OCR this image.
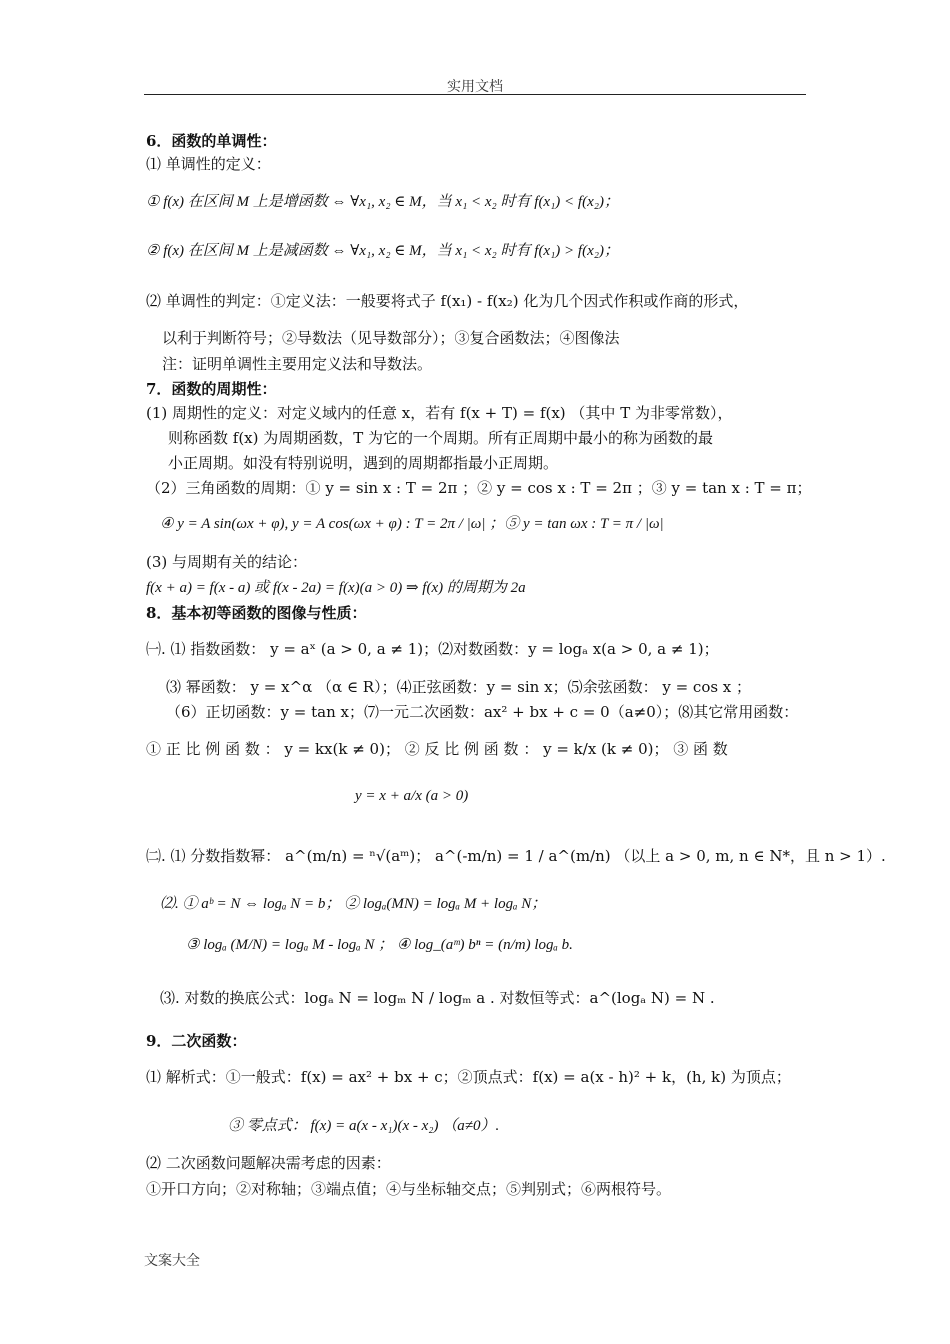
实用文档
6．函数的单调性：
⑴ 单调性的定义：
① f(x) 在区间 M 上是增函数 ⇔ ∀x₁, x₂ ∈ M，当 x₁ < x₂ 时有 f(x₁) < f(x₂)；
② f(x) 在区间 M 上是减函数 ⇔ ∀x₁, x₂ ∈ M，当 x₁ < x₂ 时有 f(x₁) > f(x₂)；
⑵ 单调性的判定：①定义法：一般要将式子 f(x₁) - f(x₂) 化为几个因式作积或作商的形式，
以利于判断符号；②导数法（见导数部分）；③复合函数法；④图像法
注：证明单调性主要用定义法和导数法。
7．函数的周期性：
(1) 周期性的定义：对定义域内的任意 x，若有 f(x + T) = f(x) （其中 T 为非零常数），
则称函数 f(x) 为周期函数，T 为它的一个周期。所有正周期中最小的称为函数的最
小正周期。如没有特别说明，遇到的周期都指最小正周期。
（2）三角函数的周期：① y = sin x : T = 2π ；② y = cos x : T = 2π ；③ y = tan x : T = π；
④ y = A sin(ωx + φ), y = A cos(ωx + φ) : T = 2π / |ω| ；⑤ y = tan ωx : T = π / |ω|
(3) 与周期有关的结论：
f(x + a) = f(x - a) 或 f(x - 2a) = f(x)(a > 0) ⇒ f(x) 的周期为 2a
8．基本初等函数的图像与性质：
㈠. ⑴ 指数函数： y = aˣ (a > 0, a ≠ 1)；⑵对数函数：y = logₐ x(a > 0, a ≠ 1)；
⑶ 幂函数： y = x^α （α ∈ R）；⑷正弦函数：y = sin x；⑸余弦函数： y = cos x ；
（6）正切函数：y = tan x；⑺一元二次函数：ax² + bx + c = 0（a≠0）；⑻其它常用函数：
① 正 比 例 函 数 ： y = kx(k ≠ 0)； ② 反 比 例 函 数 ： y = k/x (k ≠ 0)； ③ 函 数
y = x + a/x (a > 0)
㈡. ⑴ 分数指数幂： a^(m/n) = ⁿ√(aᵐ)； a^(-m/n) = 1 / a^(m/n) （以上 a > 0, m, n ∈ N*，且 n > 1）.
⑵. ① aᵇ = N ⇔ logₐ N = b； ② logₐ(MN) = logₐ M + logₐ N；
③ logₐ (M/N) = logₐ M - logₐ N ； ④ log_(aᵐ) bⁿ = (n/m) logₐ b.
⑶. 对数的换底公式：logₐ N = logₘ N / logₘ a . 对数恒等式：a^(logₐ N) = N .
9．二次函数：
⑴ 解析式：①一般式：f(x) = ax² + bx + c；②顶点式：f(x) = a(x - h)² + k，(h, k) 为顶点；
③ 零点式： f(x) = a(x - x₁)(x - x₂) （a≠0）.
⑵ 二次函数问题解决需考虑的因素：
①开口方向；②对称轴；③端点值；④与坐标轴交点；⑤判别式；⑥两根符号。
文案大全
